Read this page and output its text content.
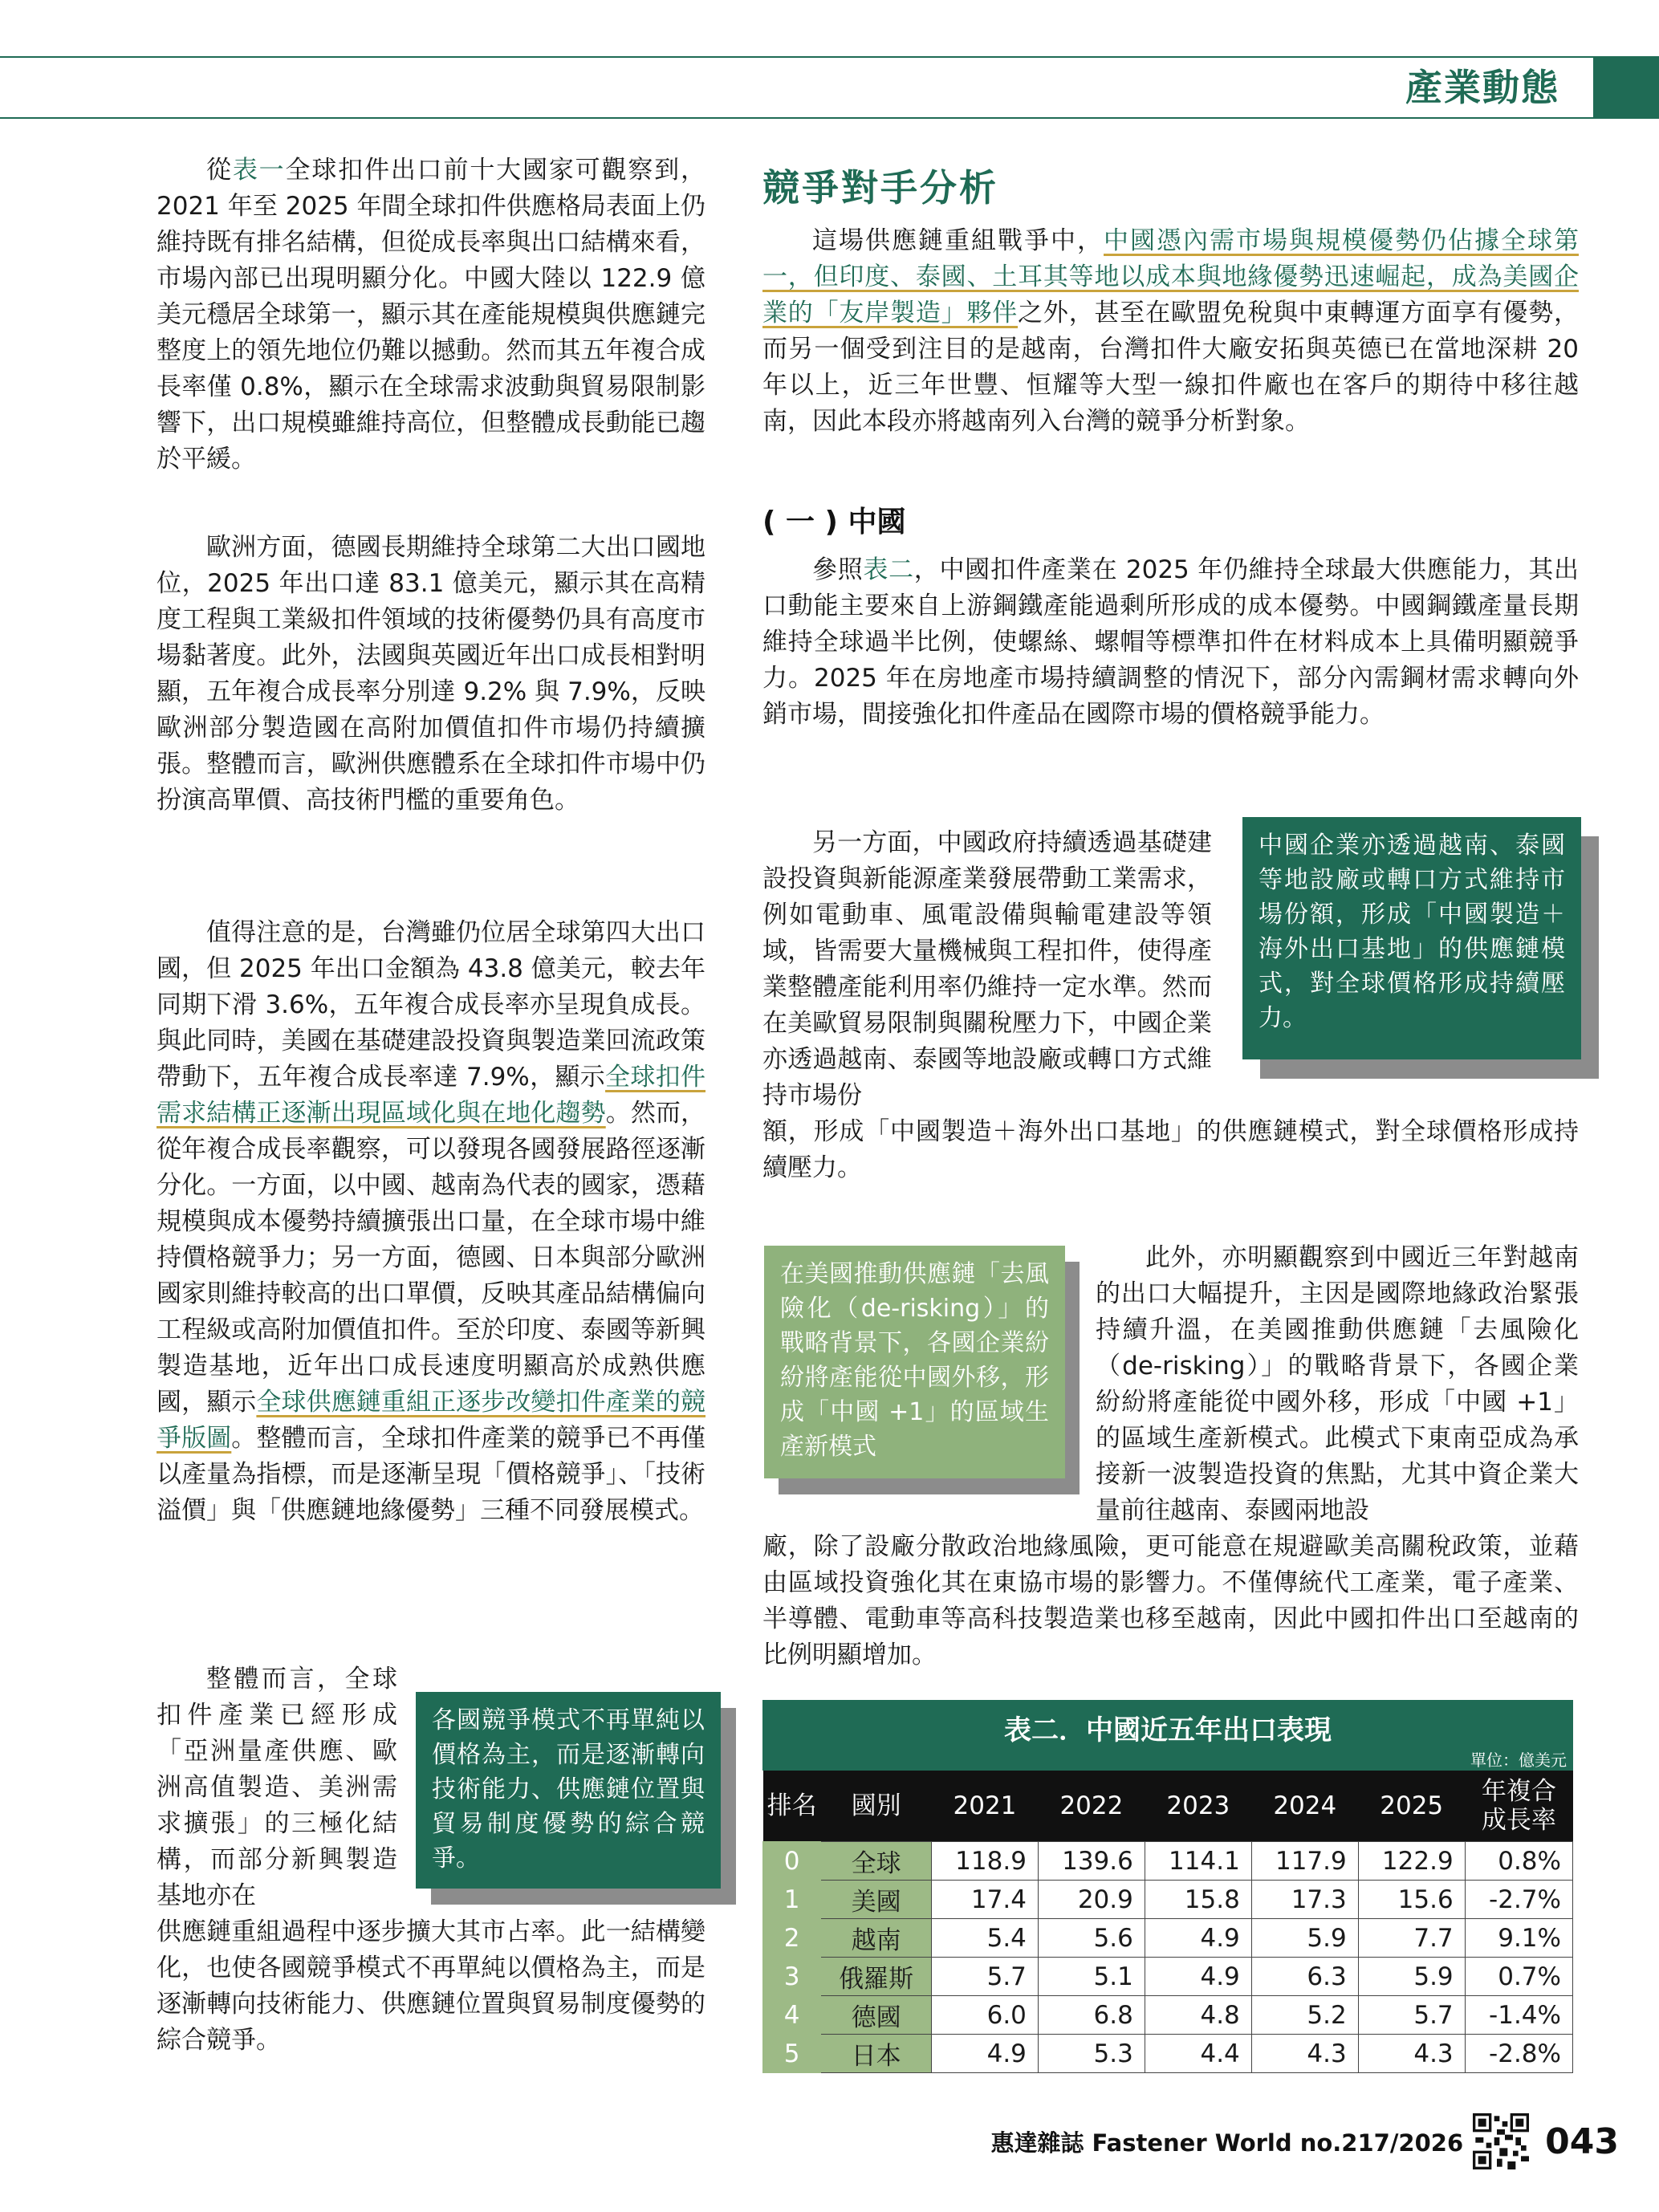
產業動態

從表一全球扣件出口前十大國家可觀察到，2021 年至 2025 年間全球扣件供應格局表面上仍維持既有排名結構，但從成長率與出口結構來看，市場內部已出現明顯分化。中國大陸以 122.9 億美元穩居全球第一，顯示其在產能規模與供應鏈完整度上的領先地位仍難以撼動。然而其五年複合成長率僅 0.8%，顯示在全球需求波動與貿易限制影響下，出口規模雖維持高位，但整體成長動能已趨於平緩。

歐洲方面，德國長期維持全球第二大出口國地位，2025 年出口達 83.1 億美元，顯示其在高精度工程與工業級扣件領域的技術優勢仍具有高度市場黏著度。此外，法國與英國近年出口成長相對明顯，五年複合成長率分別達 9.2% 與 7.9%，反映歐洲部分製造國在高附加價值扣件市場仍持續擴張。整體而言，歐洲供應體系在全球扣件市場中仍扮演高單價、高技術門檻的重要角色。

值得注意的是，台灣雖仍位居全球第四大出口國，但 2025 年出口金額為 43.8 億美元，較去年同期下滑 3.6%，五年複合成長率亦呈現負成長。與此同時，美國在基礎建設投資與製造業回流政策帶動下，五年複合成長率達 7.9%，顯示全球扣件需求結構正逐漸出現區域化與在地化趨勢。然而，從年複合成長率觀察，可以發現各國發展路徑逐漸分化。一方面，以中國、越南為代表的國家，憑藉規模與成本優勢持續擴張出口量，在全球市場中維持價格競爭力；另一方面，德國、日本與部分歐洲國家則維持較高的出口單價，反映其產品結構偏向工程級或高附加價值扣件。至於印度、泰國等新興製造基地，近年出口成長速度明顯高於成熟供應國，顯示全球供應鏈重組正逐步改變扣件產業的競爭版圖。整體而言，全球扣件產業的競爭已不再僅以產量為指標，而是逐漸呈現「價格競爭」、「技術溢價」與「供應鏈地緣優勢」三種不同發展模式。

整體而言，全球扣件產業已經形成「亞洲量產供應、歐洲高值製造、美洲需求擴張」的三極化結構，而部分新興製造基地亦在

供應鏈重組過程中逐步擴大其市占率。此一結構變化，也使各國競爭模式不再單純以價格為主，而是逐漸轉向技術能力、供應鏈位置與貿易制度優勢的綜合競爭。

各國競爭模式不再單純以價格為主，而是逐漸轉向技術能力、供應鏈位置與貿易制度優勢的綜合競爭。
競爭對手分析

這場供應鏈重組戰爭中，中國憑內需市場與規模優勢仍佔據全球第一，但印度、泰國、土耳其等地以成本與地緣優勢迅速崛起，成為美國企業的「友岸製造」夥伴之外，甚至在歐盟免稅與中東轉運方面享有優勢，而另一個受到注目的是越南，台灣扣件大廠安拓與英德已在當地深耕 20 年以上，近三年世豐、恒耀等大型一線扣件廠也在客戶的期待中移往越南，因此本段亦將越南列入台灣的競爭分析對象。

( 一 ) 中國

參照表二，中國扣件產業在 2025 年仍維持全球最大供應能力，其出口動能主要來自上游鋼鐵產能過剩所形成的成本優勢。中國鋼鐵產量長期維持全球過半比例，使螺絲、螺帽等標準扣件在材料成本上具備明顯競爭力。2025 年在房地產市場持續調整的情況下，部分內需鋼材需求轉向外銷市場，間接強化扣件產品在國際市場的價格競爭能力。

另一方面，中國政府持續透過基礎建設投資與新能源產業發展帶動工業需求，例如電動車、風電設備與輸電建設等領域，皆需要大量機械與工程扣件，使得產業整體產能利用率仍維持一定水準。然而在美歐貿易限制與關稅壓力下，中國企業亦透過越南、泰國等地設廠或轉口方式維持市場份

額，形成「中國製造＋海外出口基地」的供應鏈模式，對全球價格形成持續壓力。

中國企業亦透過越南、泰國等地設廠或轉口方式維持市場份額，形成「中國製造＋海外出口基地」的供應鏈模式，對全球價格形成持續壓力。

此外，亦明顯觀察到中國近三年對越南的出口大幅提升，主因是國際地緣政治緊張持續升溫，在美國推動供應鏈「去風險化（de-risking）」的戰略背景下，各國企業紛紛將產能從中國外移，形成「中國 +1」的區域生產新模式。此模式下東南亞成為承接新一波製造投資的焦點，尤其中資企業大量前往越南、泰國兩地設

廠，除了設廠分散政治地緣風險，更可能意在規避歐美高關稅政策，並藉由區域投資強化其在東協市場的影響力。不僅傳統代工產業，電子產業、半導體、電動車等高科技製造業也移至越南，因此中國扣件出口至越南的比例明顯增加。

在美國推動供應鏈「去風險化（de-risking）」的戰略背景下，各國企業紛紛將產能從中國外移，形成「中國 +1」的區域生產新模式
表二．中國近五年出口表現
單位：億美元
排名	國別	2021	2022	2023	2024	2025	年複合
成長率
0	全球	118.9	139.6	114.1	117.9	122.9	0.8%
1	美國	17.4	20.9	15.8	17.3	15.6	-2.7%
2	越南	5.4	5.6	4.9	5.9	7.7	9.1%
3	俄羅斯	5.7	5.1	4.9	6.3	5.9	0.7%
4	德國	6.0	6.8	4.8	5.2	5.7	-1.4%
5	日本	4.9	5.3	4.4	4.3	4.3	-2.8%
惠達雜誌 Fastener World no.217/2026 043
